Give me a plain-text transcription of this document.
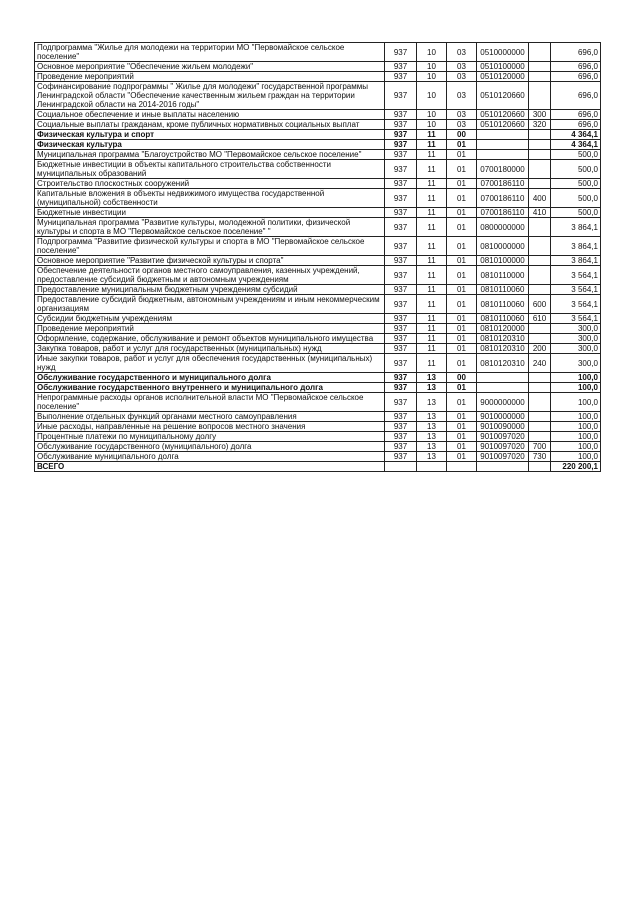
Подпрограмма "Жилье для молодежи на территории МО "Первомайское сельское поселение"	937	10	03	0510000000		696,0
Основное мероприятие "Обеспечение жильем молодежи"	937	10	03	0510100000		696,0
Проведение мероприятий	937	10	03	0510120000		696,0
Софинансирование подпрограммы " Жилье для молодежи" государственной программы Ленинградской области "Обеспечение качественным жильем граждан на территории Ленинградской области на 2014-2016 годы"	937	10	03	0510120660		696,0
Социальное обеспечение и иные выплаты населению	937	10	03	0510120660	300	696,0
Социальные выплаты гражданам, кроме публичных нормативных социальных выплат	937	10	03	0510120660	320	696,0
Физическая культура и спорт	937	11	00			4 364,1
Физическая культура	937	11	01			4 364,1
Муниципальная программа "Благоустройство МО "Первомайское сельское поселение"	937	11	01			500,0
Бюджетные инвестиции в объекты капитального строительства собственности муниципальных образований	937	11	01	0700180000		500,0
Строительство плоскостных сооружений	937	11	01	0700186110		500,0
Капитальные вложения в объекты недвижимого имущества государственной (муниципальной) собственности	937	11	01	0700186110	400	500,0
Бюджетные инвестиции	937	11	01	0700186110	410	500,0
Муниципальная программа "Развитие культуры, молодежной политики, физической культуры и спорта в МО "Первомайское сельское поселение" "	937	11	01	0800000000		3 864,1
Подпрограмма "Развитие физической культуры и спорта в МО "Первомайское сельское поселение"	937	11	01	0810000000		3 864,1
Основное мероприятие "Развитие физической культуры и спорта"	937	11	01	0810100000		3 864,1
Обеспечение деятельности органов местного самоуправления, казенных учреждений, предоставление субсидий бюджетным и автономным учреждениям	937	11	01	0810110000		3 564,1
Предоставление муниципальным бюджетным учреждениям субсидий	937	11	01	0810110060		3 564,1
Предоставление субсидий бюджетным, автономным учреждениям и иным некоммерческим организациям	937	11	01	0810110060	600	3 564,1
Субсидии бюджетным учреждениям	937	11	01	0810110060	610	3 564,1
Проведение мероприятий	937	11	01	0810120000		300,0
Оформление, содержание, обслуживание и ремонт объектов муниципального имущества	937	11	01	0810120310		300,0
Закупка товаров, работ и услуг для государственных (муниципальных) нужд	937	11	01	0810120310	200	300,0
Иные закупки товаров, работ и услуг для обеспечения государственных (муниципальных) нужд	937	11	01	0810120310	240	300,0
Обслуживание государственного и муниципального долга	937	13	00			100,0
Обслуживание государственного внутреннего и муниципального долга	937	13	01			100,0
Непрограммные расходы органов исполнительной власти МО "Первомайское сельское поселение"	937	13	01	9000000000		100,0
Выполнение отдельных функций органами местного самоуправления	937	13	01	9010000000		100,0
Иные расходы, направленные на решение вопросов местного значения	937	13	01	9010090000		100,0
Процентные платежи по муниципальному долгу	937	13	01	9010097020		100,0
Обслуживание государственного (муниципального) долга	937	13	01	9010097020	700	100,0
Обслуживание муниципального долга	937	13	01	9010097020	730	100,0
ВСЕГО						220 200,1
